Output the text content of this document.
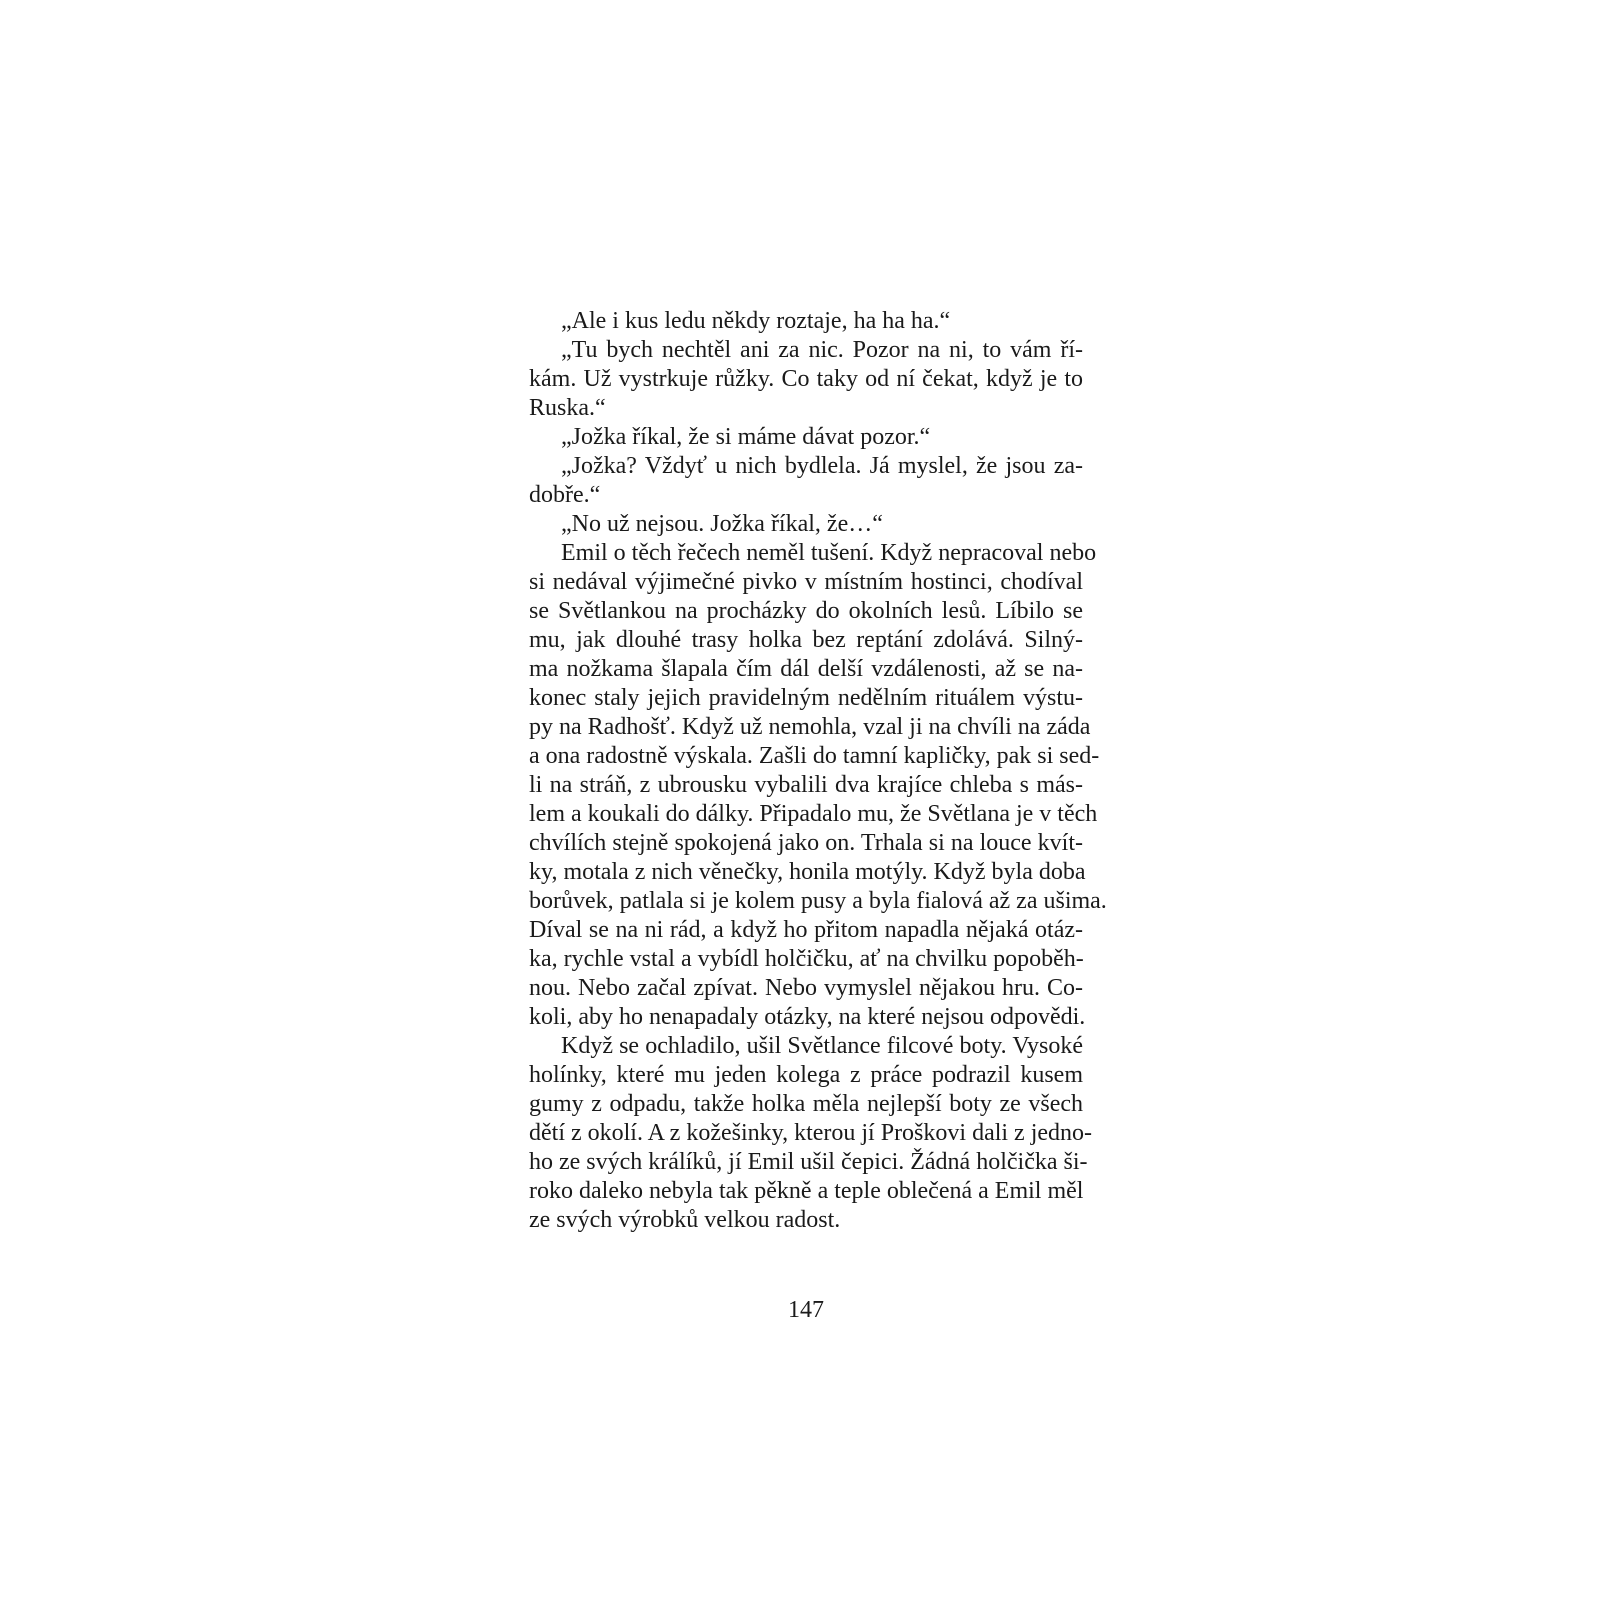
„Ale i kus ledu někdy roztaje, ha ha ha.“
„Tu bych nechtěl ani za nic. Pozor na ni, to vám ří-
kám. Už vystrkuje růžky. Co taky od ní čekat, když je to
Ruska.“
„Jožka říkal, že si máme dávat pozor.“
„Jožka? Vždyť u nich bydlela. Já myslel, že jsou za-
dobře.“
„No už nejsou. Jožka říkal, že…“
Emil o těch řečech neměl tušení. Když nepracoval nebo
si nedával výjimečné pivko v místním hostinci, chodíval
se Světlankou na procházky do okolních lesů. Líbilo se
mu, jak dlouhé trasy holka bez reptání zdolává. Silný-
ma nožkama šlapala čím dál delší vzdálenosti, až se na-
konec staly jejich pravidelným nedělním rituálem výstu-
py na Radhošť. Když už nemohla, vzal ji na chvíli na záda
a ona radostně výskala. Zašli do tamní kapličky, pak si sed-
li na stráň, z ubrousku vybalili dva krajíce chleba s más-
lem a koukali do dálky. Připadalo mu, že Světlana je v těch
chvílích stejně spokojená jako on. Trhala si na louce kvít-
ky, motala z nich věnečky, honila motýly. Když byla doba
borůvek, patlala si je kolem pusy a byla fialová až za ušima.
Díval se na ni rád, a když ho přitom napadla nějaká otáz-
ka, rychle vstal a vybídl holčičku, ať na chvilku popoběh-
nou. Nebo začal zpívat. Nebo vymyslel nějakou hru. Co-
koli, aby ho nenapadaly otázky, na které nejsou odpovědi.
Když se ochladilo, ušil Světlance filcové boty. Vysoké
holínky, které mu jeden kolega z práce podrazil kusem
gumy z odpadu, takže holka měla nejlepší boty ze všech
dětí z okolí. A z kožešinky, kterou jí Proškovi dali z jedno-
ho ze svých králíků, jí Emil ušil čepici. Žádná holčička ši-
roko daleko nebyla tak pěkně a teple oblečená a Emil měl
ze svých výrobků velkou radost.
147
